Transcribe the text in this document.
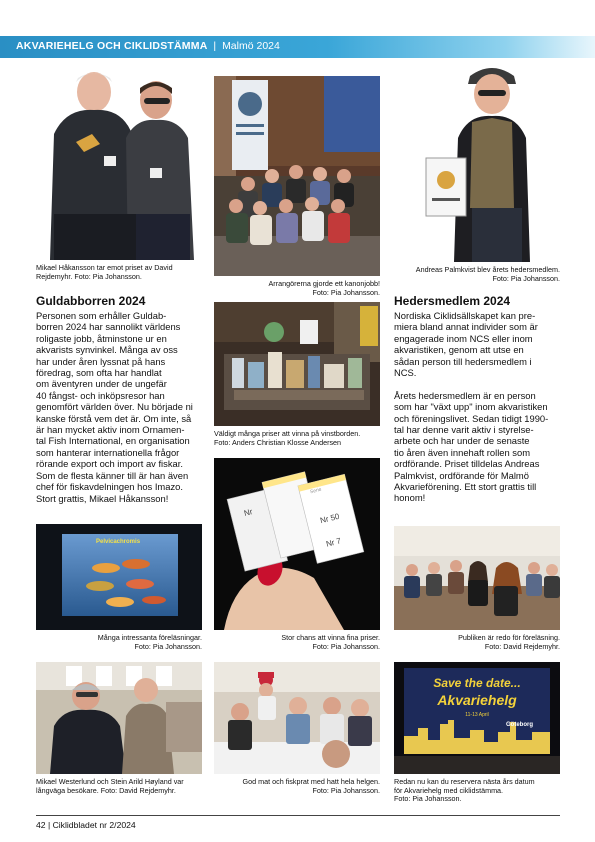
AKVARIEHELG OCH CIKLIDSTÄMMA | Malmö 2024
Mikael Håkansson tar emot priset av David
Rejdemyhr. Foto: Pia Johansson.
Arrangörerna gjorde ett kanonjobb!
Foto: Pia Johansson.
Andreas Palmkvist blev årets hedersmedlem.
Foto: Pia Johansson.
Guldabborren 2024
Personen som erhåller Guldab-
borren 2024 har sannolikt världens
roligaste jobb, åtminstone ur en
akvarists synvinkel. Många av oss
har under åren lyssnat på hans
föredrag, som ofta har handlat
om äventyren under de ungefär
40 fångst- och inköpsresor han
genomfört världen över. Nu började ni
kanske förstå vem det är. Om inte, så
är han mycket aktiv inom Ornamen-
tal Fish International, en organisation
som hanterar internationella frågor
rörande export och import av fiskar.
Som de flesta känner till är han även
chef för fiskavdelningen hos Imazo.
Stort grattis, Mikael Håkansson!
Väldigt många priser att vinna på vinstborden.
Foto: Anders Christian Klosse Andersen
Hedersmedlem 2024
Nordiska Ciklidsällskapet kan pre-
miera bland annat individer som är
engagerade inom NCS eller inom
akvaristiken, genom att utse en
sådan person till hedersmedlem i
NCS.
Årets hedersmedlem är en person
som har "växt upp" inom akvaristiken
och föreningslivet. Sedan tidigt 1990-
tal har denne varit aktiv i styrelse-
arbete och har under de senaste
tio åren även innehaft rollen som
ordförande. Priset tilldelas Andreas
Palmkvist, ordförande för Malmö
Akvarieförening. Ett stort grattis till
honom!
Pelvicachromis
Många intressanta föreläsningar.
Foto: Pia Johansson.
Serie
Nr 50
Nr 7
Nr
Stor chans att vinna fina priser.
Foto: Pia Johansson.
Publiken är redo för föreläsning.
Foto: David Rejdemyhr.
Mikael Westerlund och Stein Arild Høyland var
långväga besökare. Foto: David Rejdemyhr.
God mat och fiskprat med hatt hela helgen.
Foto: Pia Johansson.
Save the date...
Akvariehelg
11-13 April
Göteborg
Redan nu kan du reservera nästa års datum
för Akvariehelg med ciklidstämma.
Foto: Pia Johansson.
42 | Ciklidbladet nr 2/2024
